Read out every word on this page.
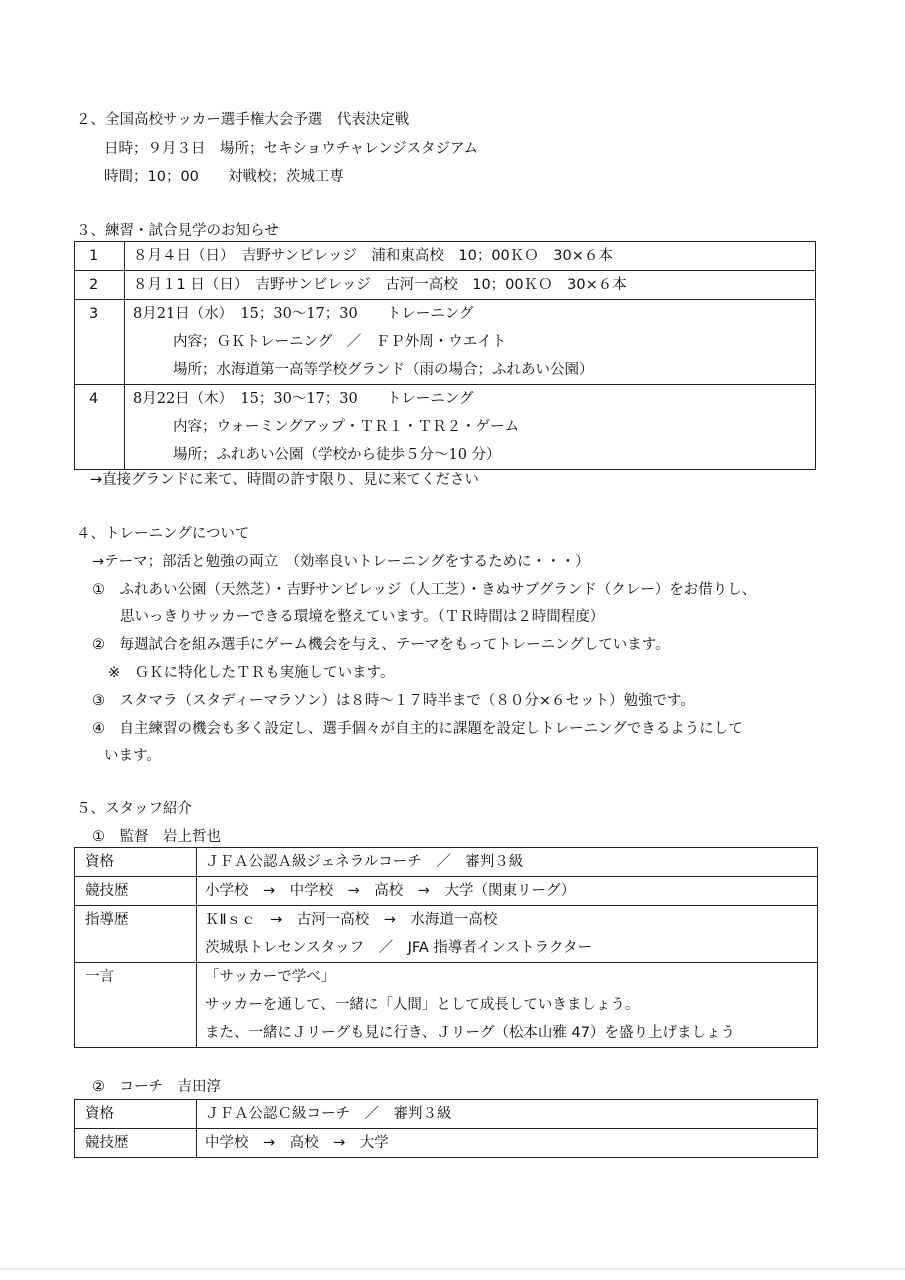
２、全国高校サッカー選手権大会予選　代表決定戦
日時；９月３日　場所；セキショウチャレンジスタジアム
時間；10；00　　対戦校；茨城工専
３、練習・試合見学のお知らせ
1	８月４日（日）　吉野サンビレッジ　浦和東高校　10；00ＫＯ　30×６本

2	８月１1 日（日）　吉野サンビレッジ　古河一高校　10；00ＫＯ　30×６本

3	8月21日（水）　15；30～17；30　　トレーニング
内容；ＧＫトレーニング　／　ＦＰ外周・ウエイト
場所；水海道第一高等学校グランド（雨の場合；ふれあい公園）

4	8月22日（木）　15；30～17；30　　トレーニング
内容；ウォーミングアップ・ＴＲ１・ＴＲ２・ゲーム
場所；ふれあい公園（学校から徒歩５分～10 分）
→直接グランドに来て、時間の許す限り、見に来てください
４、トレーニングについて
→テーマ；部活と勉強の両立　（効率良いトレーニングをするために・・・）
①　ふれあい公園（天然芝）・吉野サンビレッジ（人工芝）・きぬサブグランド（クレー）をお借りし、
思いっきりサッカーできる環境を整えています。（ＴＲ時間は２時間程度）
②　毎週試合を組み選手にゲーム機会を与え、テーマをもってトレーニングしています。
※　ＧＫに特化したＴＲも実施しています。
③　スタマラ（スタディーマラソン）は８時～１７時半まで（８０分×６セット）勉強です。
④　自主練習の機会も多く設定し、選手個々が自主的に課題を設定しトレーニングできるようにして
います。
５、スタッフ紹介
①　監督　岩上哲也
資格	ＪＦＡ公認Ａ級ジェネラルコーチ　／　審判３級

競技歴	小学校　→　中学校　→　高校　→　大学（関東リーグ）

指導歴	ＫⅡｓｃ　→　古河一高校　→　水海道一高校
茨城県トレセンスタッフ　／　JFA 指導者インストラクター

一言	「サッカーで学べ」
サッカーを通して、一緒に「人間」として成長していきましょう。
また、一緒にＪリーグも見に行き、Ｊリーグ（松本山雅 47）を盛り上げましょう
②　コーチ　吉田淳
資格	ＪＦＡ公認Ｃ級コーチ　／　審判３級

競技歴	中学校　→　高校　→　大学
